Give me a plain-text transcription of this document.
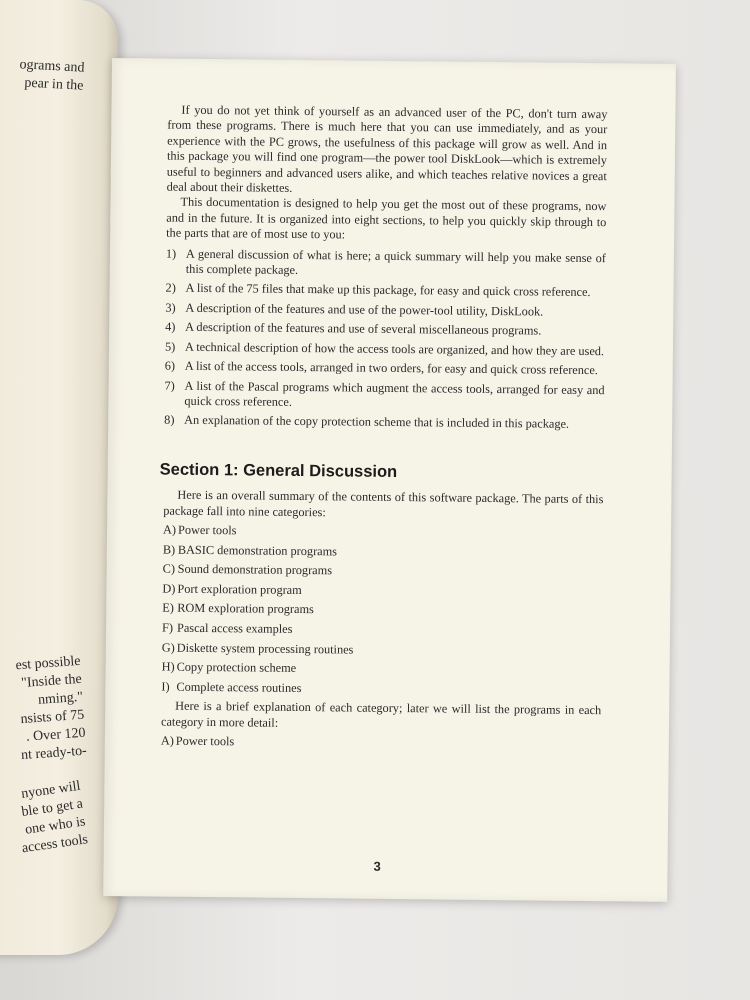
ograms and
pear in the
est possible
"Inside the
nming."
nsists of 75
. Over 120
nt ready-to-
nyone will
ble to get a
one who is
access tools

If you do not yet think of yourself as an advanced user of the PC, don't turn away from these programs. There is much here that you can use immediately, and as your experience with the PC grows, the usefulness of this package will grow as well. And in this package you will find one program—the power tool DiskLook—which is extremely useful to beginners and advanced users alike, and which teaches relative novices a great deal about their diskettes.

This documentation is designed to help you get the most out of these programs, now and in the future. It is organized into eight sections, to help you quickly skip through to the parts that are of most use to you:

1) A general discussion of what is here; a quick summary will help you make sense of this complete package.
2) A list of the 75 files that make up this package, for easy and quick cross reference.
3) A description of the features and use of the power-tool utility, DiskLook.
4) A description of the features and use of several miscellaneous programs.
5) A technical description of how the access tools are organized, and how they are used.
6) A list of the access tools, arranged in two orders, for easy and quick cross reference.
7) A list of the Pascal programs which augment the access tools, arranged for easy and quick cross reference.
8) An explanation of the copy protection scheme that is included in this package.
Section 1: General Discussion

Here is an overall summary of the contents of this software package. The parts of this package fall into nine categories:

A) Power tools
B) BASIC demonstration programs
C) Sound demonstration programs
D) Port exploration program
E) ROM exploration programs
F) Pascal access examples
G) Diskette system processing routines
H) Copy protection scheme
I) Complete access routines

Here is a brief explanation of each category; later we will list the programs in each category in more detail:

A) Power tools
3
